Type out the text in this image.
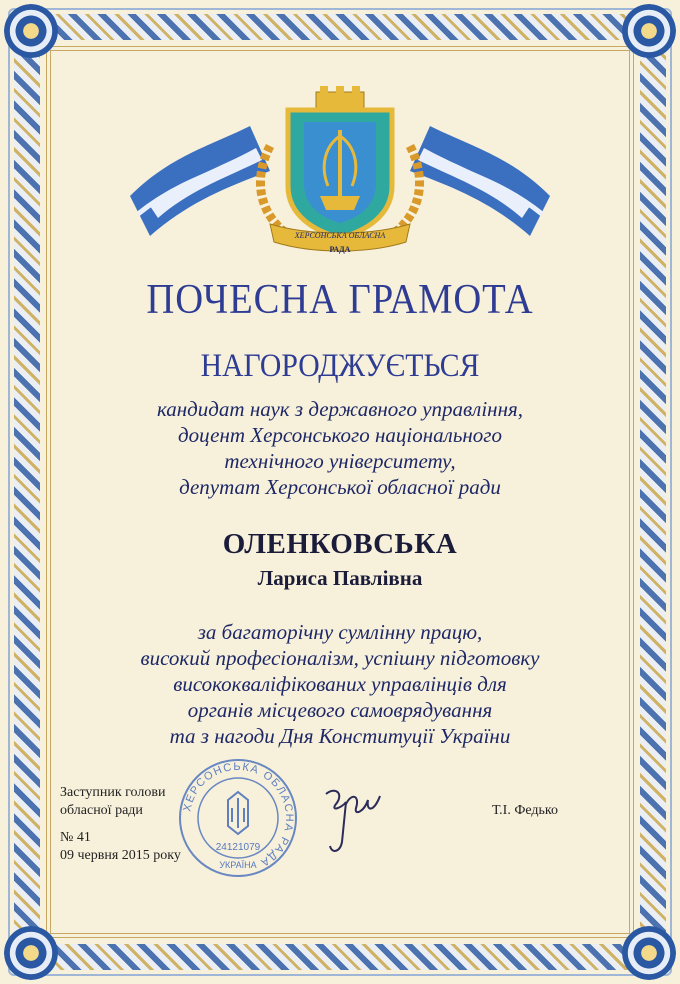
ХЕРСОНСЬКА ОБЛАСНА
РАДА
ПОЧЕСНА ГРАМОТА
НАГОРОДЖУЄТЬСЯ
кандидат наук з державного управління,
доцент Херсонського національного
технічного університету,
депутат Херсонської обласної ради
ОЛЕНКОВСЬКА
Лариса Павлівна
за багаторічну сумлінну працю,
високий професіоналізм, успішну підготовку
висококваліфікованих управлінців для
органів місцевого самоврядування
та з нагоди Дня Конституції України
Заступник голови
обласної ради	Т.І. Федько
№ 41
09 червня 2015 року
ХЕРСОНСЬКА ОБЛАСНА РАДА
24121079
УКРАЇНА
